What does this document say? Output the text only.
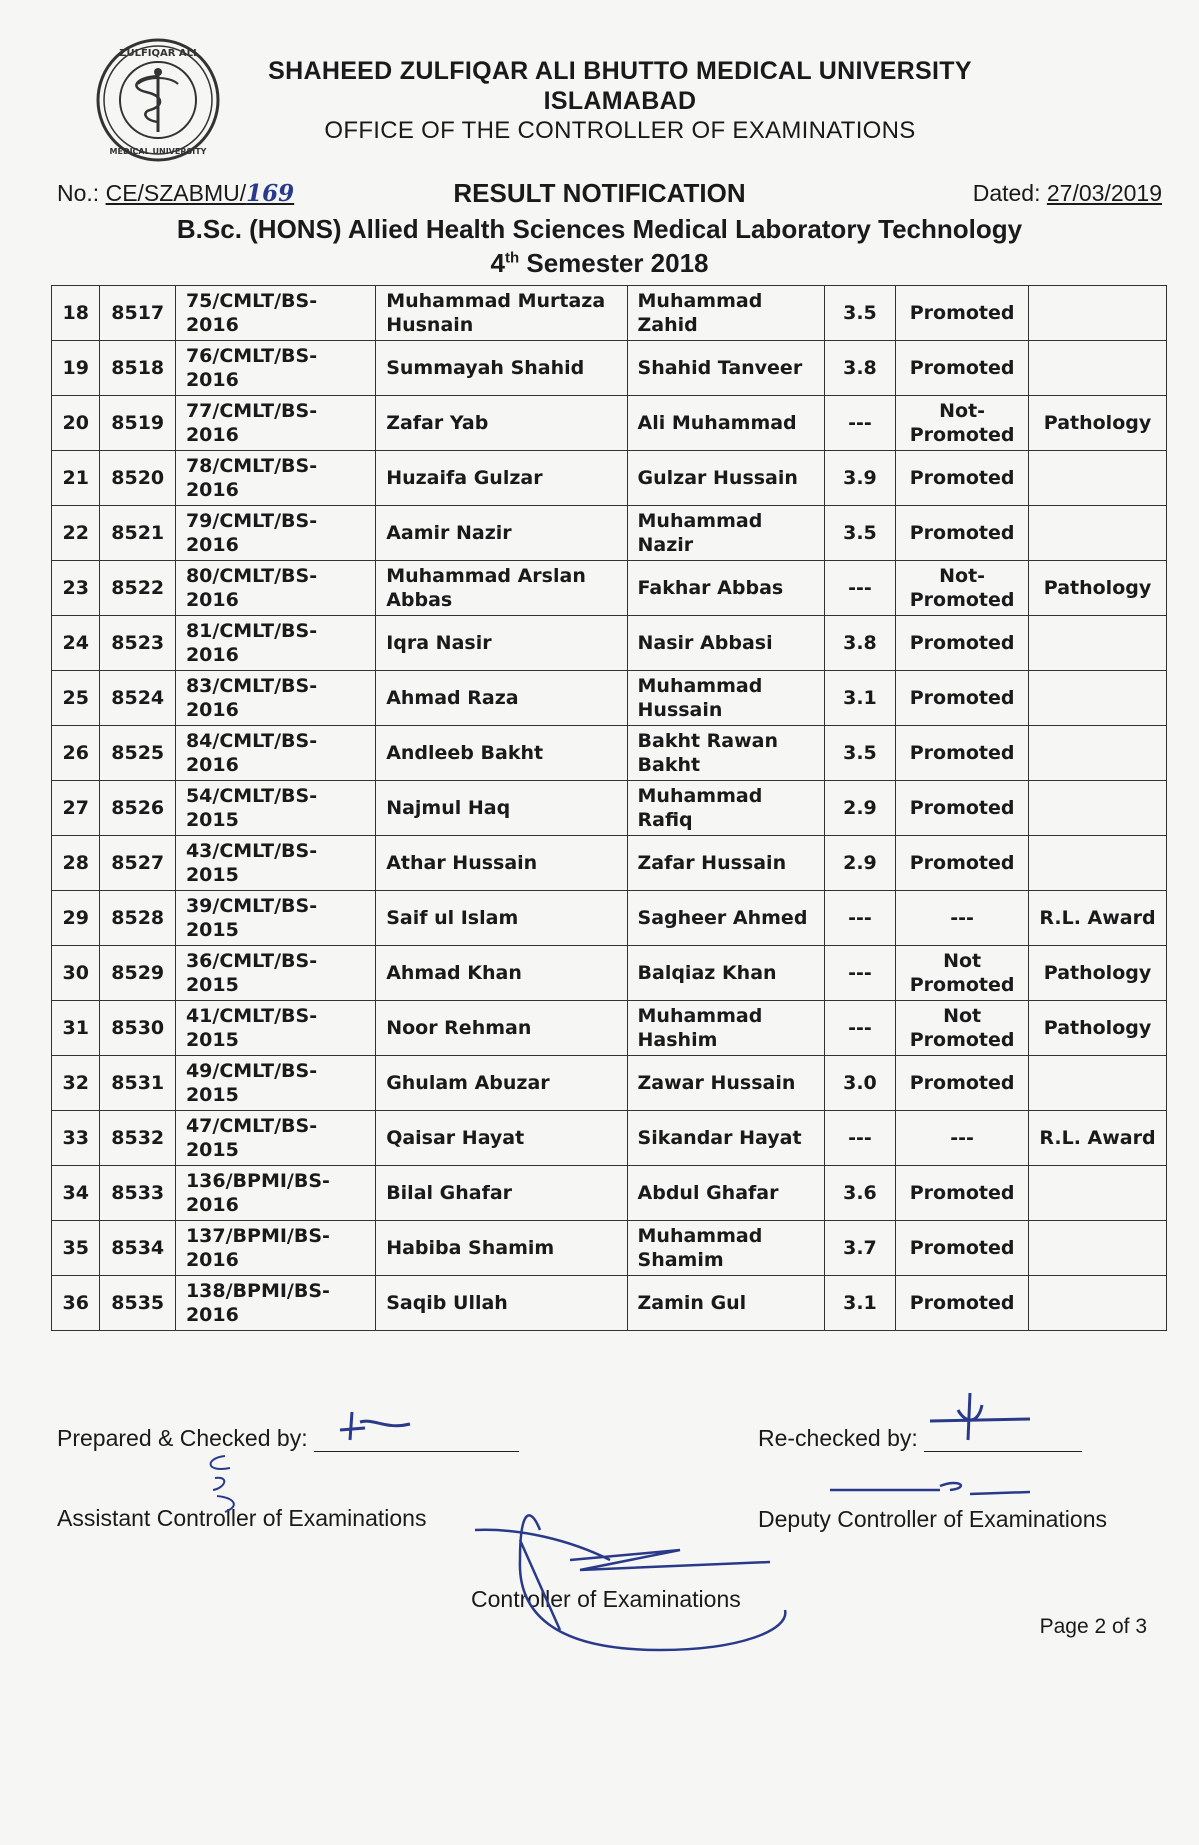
ZULFIQAR ALI
MEDICAL UNIVERSITY
SHAHEED ZULFIQAR ALI BHUTTO MEDICAL UNIVERSITY
ISLAMABAD
OFFICE OF THE CONTROLLER OF EXAMINATIONS
No.: CE/SZABMU/169	RESULT NOTIFICATION	Dated: 27/03/2019
B.Sc. (HONS) Allied Health Sciences Medical Laboratory Technology
4th Semester 2018
18	8517	75/CMLT/BS-2016	Muhammad Murtaza Husnain	Muhammad Zahid	3.5	Promoted	
19	8518	76/CMLT/BS-2016	Summayah Shahid	Shahid Tanveer	3.8	Promoted	
20	8519	77/CMLT/BS-2016	Zafar Yab	Ali Muhammad	---	Not-Promoted	Pathology
21	8520	78/CMLT/BS-2016	Huzaifa Gulzar	Gulzar Hussain	3.9	Promoted	
22	8521	79/CMLT/BS-2016	Aamir Nazir	Muhammad Nazir	3.5	Promoted	
23	8522	80/CMLT/BS-2016	Muhammad Arslan Abbas	Fakhar Abbas	---	Not-Promoted	Pathology
24	8523	81/CMLT/BS-2016	Iqra Nasir	Nasir Abbasi	3.8	Promoted	
25	8524	83/CMLT/BS-2016	Ahmad Raza	Muhammad Hussain	3.1	Promoted	
26	8525	84/CMLT/BS-2016	Andleeb Bakht	Bakht Rawan Bakht	3.5	Promoted	
27	8526	54/CMLT/BS-2015	Najmul Haq	Muhammad Rafiq	2.9	Promoted	
28	8527	43/CMLT/BS-2015	Athar Hussain	Zafar Hussain	2.9	Promoted	
29	8528	39/CMLT/BS-2015	Saif ul Islam	Sagheer Ahmed	---	---	R.L. Award
30	8529	36/CMLT/BS-2015	Ahmad Khan	Balqiaz Khan	---	Not Promoted	Pathology
31	8530	41/CMLT/BS-2015	Noor Rehman	Muhammad Hashim	---	Not Promoted	Pathology
32	8531	49/CMLT/BS-2015	Ghulam Abuzar	Zawar Hussain	3.0	Promoted	
33	8532	47/CMLT/BS-2015	Qaisar Hayat	Sikandar Hayat	---	---	R.L. Award
34	8533	136/BPMI/BS-2016	Bilal Ghafar	Abdul Ghafar	3.6	Promoted	
35	8534	137/BPMI/BS-2016	Habiba Shamim	Muhammad Shamim	3.7	Promoted	
36	8535	138/BPMI/BS-2016	Saqib Ullah	Zamin Gul	3.1	Promoted	
Prepared & Checked by:	Re-checked by:
Assistant Controller of Examinations	Deputy Controller of Examinations
Controller of Examinations
Page 2 of 3
